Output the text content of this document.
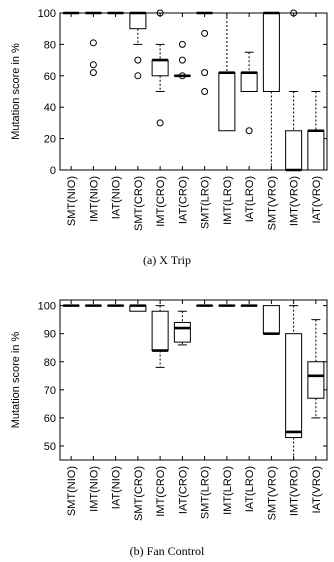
0
20
40
60
80
100
Mutation score in %
SMT(NIO) IMT(NIO) IAT(NIO) SMT(CRO) IMT(CRO) IAT(CRO) SMT(LRO) IMT(LRO) IAT(LRO) SMT(VRO) IMT(VRO) IAT(VRO)
(a) X Trip
50
60
70
80
90
100
Mutation score in %
SMT(NIO) IMT(NIO) IAT(NIO) SMT(CRO) IMT(CRO) IAT(CRO) SMT(LRO) IMT(LRO) IAT(LRO) SMT(VRO) IMT(VRO) IAT(VRO)
(b) Fan Control
